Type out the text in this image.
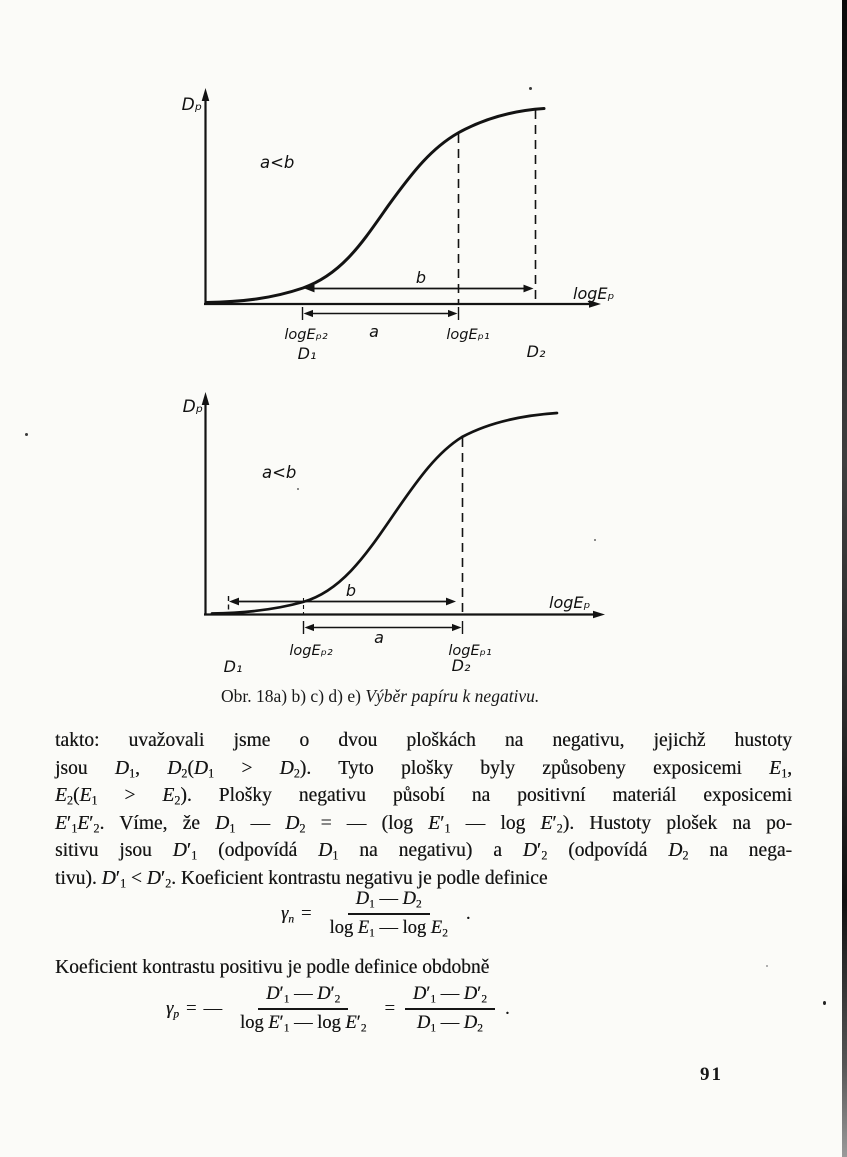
Dₚ
logEₚ
a<b
b
a
logEₚ₂	logEₚ₁
D₁	D₂
Dₚ
logEₚ
a<b
b
a
logEₚ₂	logEₚ₁
D₁	D₂
Obr. 18a) b) c) d) e) Výběr papíru k negativu.
takto: uvažovali jsme o dvou ploškách na negativu, jejichž hustoty
jsou $D_1$, $D_2(D_1 > D_2)$. Tyto plošky byly způsobeny exposicemi $E_1$,
$E_2(E_1 > E_2)$. Plošky negativu působí na positivní materiál exposicemi
$E'_1E'_2$. Víme, že $D_1$ — $D_2$ = — (log $E'_1$ — $\log E'_2$). Hustoty plošek na po-
sitivu jsou $D'_1$ (odpovídá $D_1$ na negativu) a $D'_2$ (odpovídá $D_2$ na nega-
tivu). $D'_1 < D'_2$. Koeficient kontrastu negativu je podle definice
$\gamma_n = \frac{D_1 — D_2}{\log E_1 — \log E_2}$ .
Koeficient kontrastu positivu je podle definice obdobně
$\gamma_p$ = — $\frac{D'_1 — D'_2}{\log E'_1 — \log E'_2} = \frac{D'_1 — D'_2}{D_1 — D_2}$ .
91
